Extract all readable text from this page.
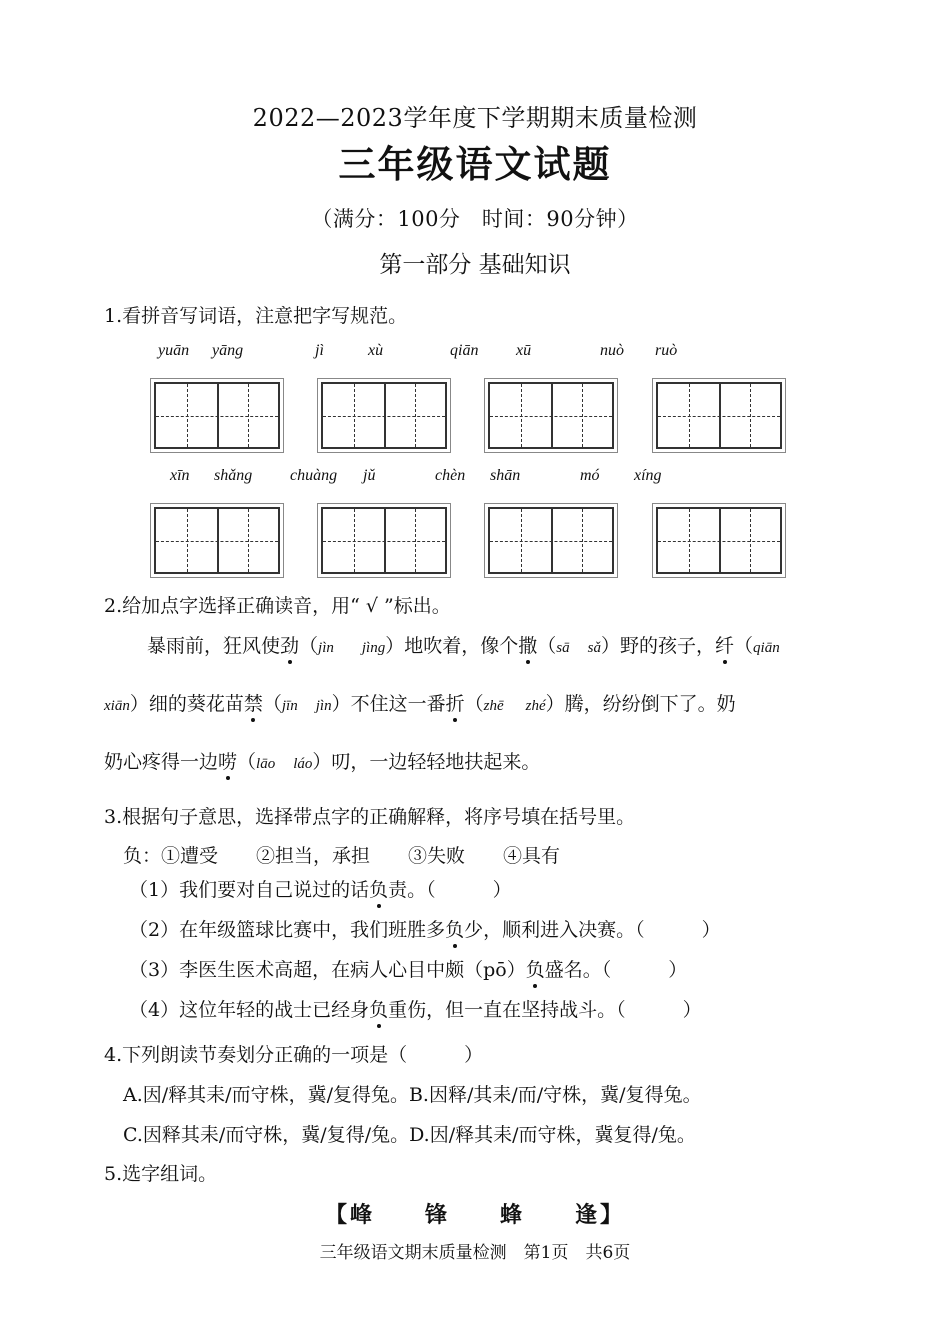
2022—2023学年度下学期期末质量检测
三年级语文试题
（满分：100分　时间：90分钟）
第一部分 基础知识
1.看拼音写词语，注意把字写规范。
yuān yāng	jì	xù	qiān xū	nuò ruò
xīn shǎng chuàng jǔ	chèn shān	mó xíng
2.给加点字选择正确读音，用“ √ ”标出。
暴雨前，狂风使劲（jìn jìng）地吹着，像个撒（sā sǎ）野的孩子，纤（qiān
xiān）细的葵花苗禁（jīn jìn）不住这一番折（zhē zhé）腾，纷纷倒下了。奶
奶心疼得一边唠（lāo láo）叨，一边轻轻地扶起来。
3.根据句子意思，选择带点字的正确解释，将序号填在括号里。
负：①遭受　　②担当，承担　　③失败　　④具有
（1）我们要对自己说过的话负责。（　　　）
（2）在年级篮球比赛中，我们班胜多负少，顺利进入决赛。（　　　）
（3）李医生医术高超，在病人心目中颇（pō）负盛名。（　　　）
（4）这位年轻的战士已经身负重伤，但一直在坚持战斗。（　　　）
4.下列朗读节奏划分正确的一项是（　　　）
A.因/释其耒/而守株，冀/复得兔。B.因释/其耒/而/守株，冀/复得兔。
C.因释其耒/而守株，冀/复得/兔。D.因/释其耒/而守株，冀复得/兔。
5.选字组词。
【峰　　锋　　蜂　　逢】
三年级语文期末质量检测　第1页　共6页
